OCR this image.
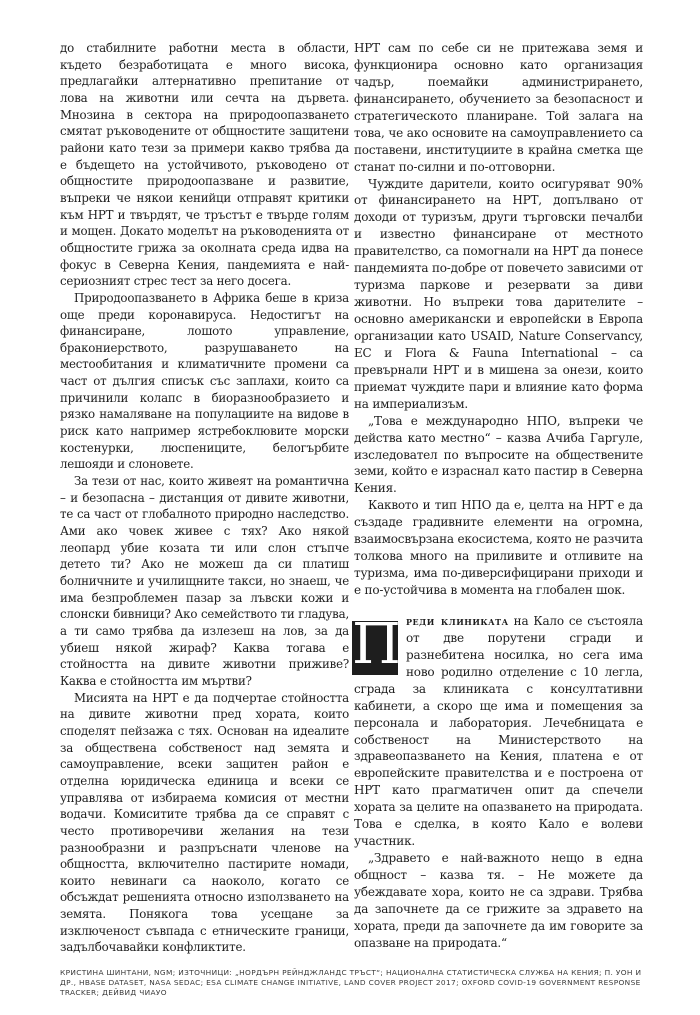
до стабилните работни места в области, където безработицата е много висока, предлагайки алтернативно препитание от лова на животни или сечта на дървета. Мнозина в сектора на природоопазването смятат ръководените от общностите защитени райони като тези за примери какво трябва да е бъдещето на устойчивото, ръководено от общностите природоопазване и развитие, въпреки че някои кенийци отправят критики към НРТ и твърдят, че тръстът е твърде голям и мощен. Докато моделът на ръководенията от общностите грижа за околната среда идва на фокус в Северна Кения, пандемията е най-сериозният стрес тест за него досега.

Природоопазването в Африка беше в криза още преди коронавируса. Недостигът на финансиране, лошото управление, бракониерството, разрушаването на местообитания и климатичните промени са част от дългия списък със заплахи, които са причинили колапс в биоразнообразието и рязко намаляване на популациите на видове в риск като например ястребоклювите морски костенурки, люспениците, белогърбите лешояди и слоновете.

За тези от нас, които живеят на романтична – и безопасна – дистанция от дивите животни, те са част от глобалното природно наследство. Ами ако човек живее с тях? Ако някой леопард убие козата ти или слон стъпче детето ти? Ако не можеш да си платиш болничните и училищните такси, но знаеш, че има безпроблемен пазар за лъвски кожи и слонски бивници? Ако семейството ти гладува, а ти само трябва да излезеш на лов, за да убиеш някой жираф? Каква тогава е стойността на дивите животни приживе? Каква е стойността им мъртви?

Мисията на НРТ е да подчертае стойността на дивите животни пред хората, които споделят пейзажа с тях. Основан на идеалите за обществена собственост над земята и самоуправление, всеки защитен район е отделна юридическа единица и всеки се управлява от избираема комисия от местни водачи. Комиситите трябва да се справят с често противоречиви желания на тези разнообразни и разпръснати членове на общността, включително пастирите номади, които невинаги са наоколо, когато се обсъждат решенията относно използването на земята. Понякога това усещане за изключеност съвпада с етническите граници, задълбочавайки конфликтите.

НРТ сам по себе си не притежава земя и функционира основно като организация чадър, поемайки администрирането, финансирането, обучението за безопасност и стратегическото планиране. Той залага на това, че ако основите на самоуправлението са поставени, институциите в крайна сметка ще станат по-силни и по-отговорни.

Чуждите дарители, които осигуряват 90% от финансирането на НРТ, допълвано от доходи от туризъм, други търговски печалби и известно финансиране от местното правителство, са помогнали на НРТ да понесе пандемията по-добре от повечето зависими от туризма паркове и резервати за диви животни. Но въпреки това дарителите – основно американски и европейски в Европа организации като USAID, Nature Conservancy, ЕС и Flora & Fauna International – са превърнали НРТ и в мишена за онези, които приемат чуждите пари и влияние като форма на империализъм.

„Това е международно НПО, въпреки че действа като местно“ – казва Ачиба Гаргуле, изследовател по въпросите на обществените земи, който е израснал като пастир в Северна Кения.

Каквото и тип НПО да е, целта на НРТ е да създаде градивните елементи на огромна, взаимосвързана екосистема, която не разчита толкова много на приливите и отливите на туризма, има по-диверсифицирани приходи и е по-устойчива в момента на глобален шок.

П реди клиниката на Кало се състояла от две порутени сгради и разнебитена носилка, но сега има ново родилно отделение с 10 легла, сграда за клиниката с консултативни кабинети, а скоро ще има и помещения за персонала и лаборатория. Лечебницата е собственост на Министерството на здравеопазването на Кения, платена е от европейските правителства и е построена от НРТ като прагматичен опит да спечели хората за целите на опазването на природата. Това е сделка, в която Кало е волеви участник.

„Здравето е най-важното нещо в една общност – казва тя. – Не можете да убеждавате хора, които не са здрави. Трябва да започнете да се грижите за здравето на хората, преди да започнете да им говорите за опазване на природата.“

КРИСТИНА ШИНТАНИ, NGM; ИЗТОЧНИЦИ: „НОРДЪРН РЕЙНДЖЛАНДС ТРЪСТ“; НАЦИОНАЛНА СТАТИСТИЧЕСКА СЛУЖБА НА КЕНИЯ; П. УОН И ДР., HBASE DATASET, NASA SEDAC; ESA CLIMATE CHANGE INITIATIVE, LAND COVER PROJECT 2017; OXFORD COVID-19 GOVERNMENT RESPONSE TRACKER; ДЕЙВИД ЧИАУО
